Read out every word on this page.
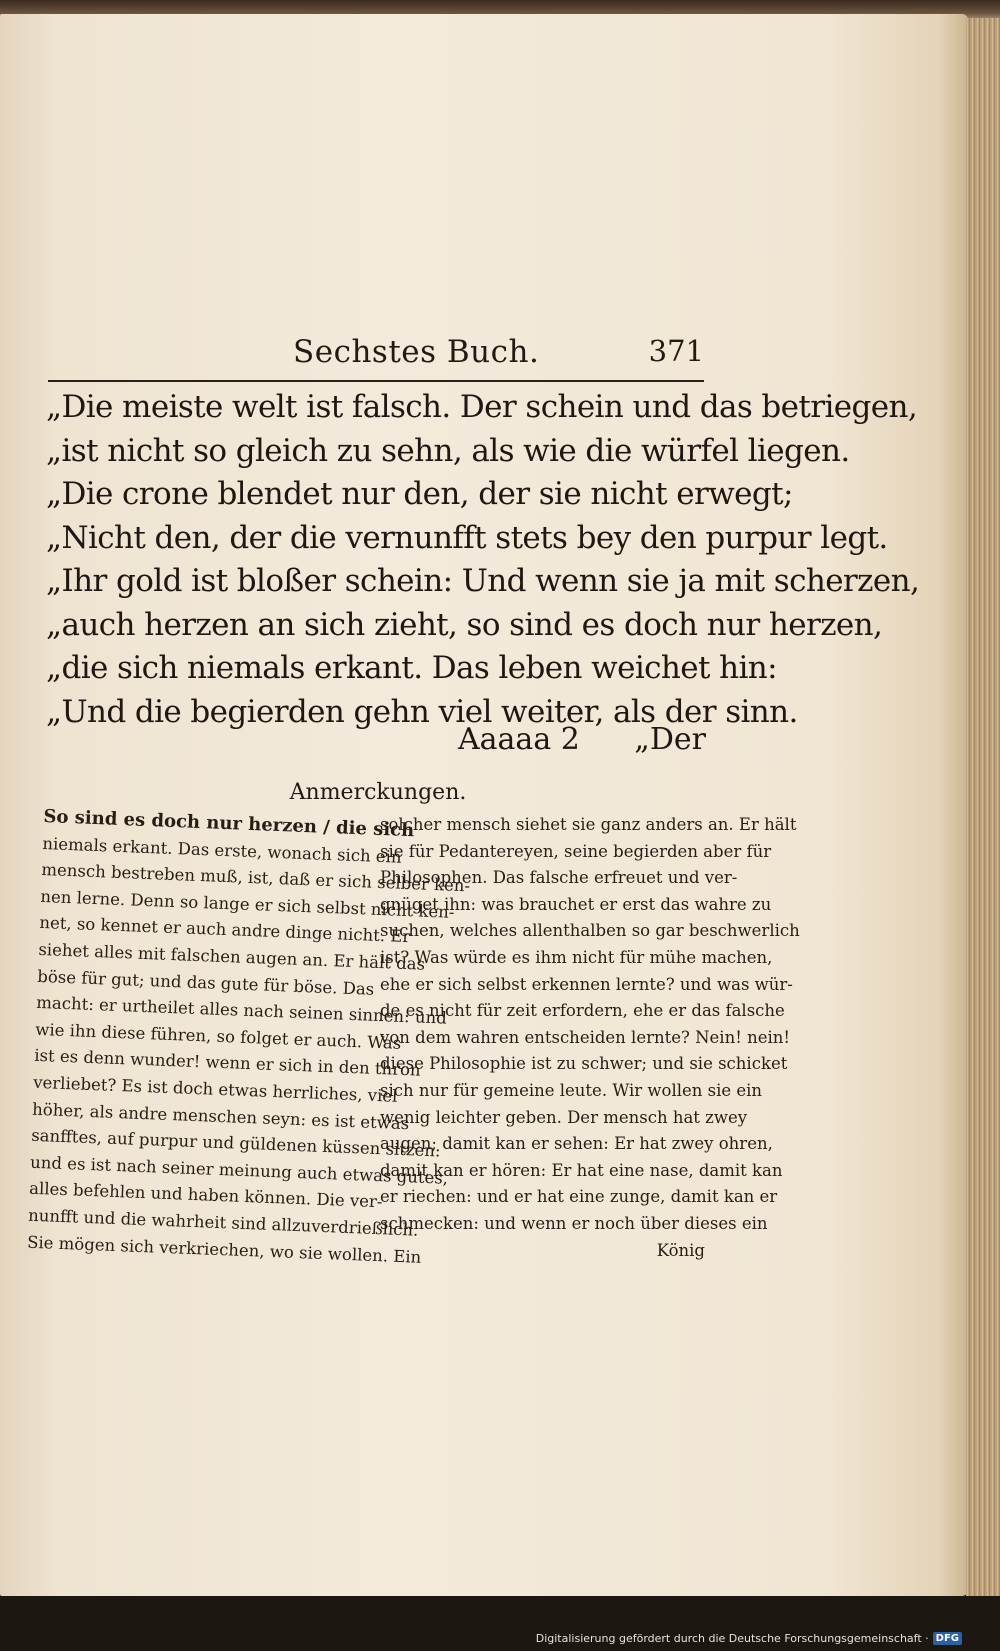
Sechstes Buch.	371
„Die meiste welt ist falsch. Der schein und das betriegen,
„ist nicht so gleich zu sehn, als wie die würfel liegen.
„Die crone blendet nur den, der sie nicht erwegt;
„Nicht den, der die vernunfft stets bey den purpur legt.
„Ihr gold ist bloßer schein: Und wenn sie ja mit scherzen,
„auch herzen an sich zieht, so sind es doch nur herzen,
„die sich niemals erkant. Das leben weichet hin:
„Und die begierden gehn viel weiter, als der sinn.
Aaaaa 2 „Der
Anmerckungen.
So sind es doch nur herzen / die sich
niemals erkant. Das erste, wonach sich ein
mensch bestreben muß, ist, daß er sich selber ken-
nen lerne. Denn so lange er sich selbst nicht ken-
net, so kennet er auch andre dinge nicht. Er
siehet alles mit falschen augen an. Er hält das
böse für gut; und das gute für böse. Das
macht: er urtheilet alles nach seinen sinnen: und
wie ihn diese führen, so folget er auch. Was
ist es denn wunder! wenn er sich in den thron
verliebet? Es ist doch etwas herrliches, viel
höher, als andre menschen seyn: es ist etwas
sanfftes, auf purpur und güldenen küssen sitzen:
und es ist nach seiner meinung auch etwas gutes,
alles befehlen und haben können. Die ver-
nunfft und die wahrheit sind allzuverdrießlich.
Sie mögen sich verkriechen, wo sie wollen. Ein
solcher mensch siehet sie ganz anders an. Er hält
sie für Pedantereyen, seine begierden aber für
Philosophen. Das falsche erfreuet und ver-
gnüget ihn: was brauchet er erst das wahre zu
suchen, welches allenthalben so gar beschwerlich
ist? Was würde es ihm nicht für mühe machen,
ehe er sich selbst erkennen lernte? und was wür-
de es nicht für zeit erfordern, ehe er das falsche
von dem wahren entscheiden lernte? Nein! nein!
diese Philosophie ist zu schwer; und sie schicket
sich nur für gemeine leute. Wir wollen sie ein
wenig leichter geben. Der mensch hat zwey
augen; damit kan er sehen: Er hat zwey ohren,
damit kan er hören: Er hat eine nase, damit kan
er riechen: und er hat eine zunge, damit kan er
schmecken: und wenn er noch über dieses ein
König
Digitalisierung gefördert durch die Deutsche Forschungsgemeinschaft · DFG
